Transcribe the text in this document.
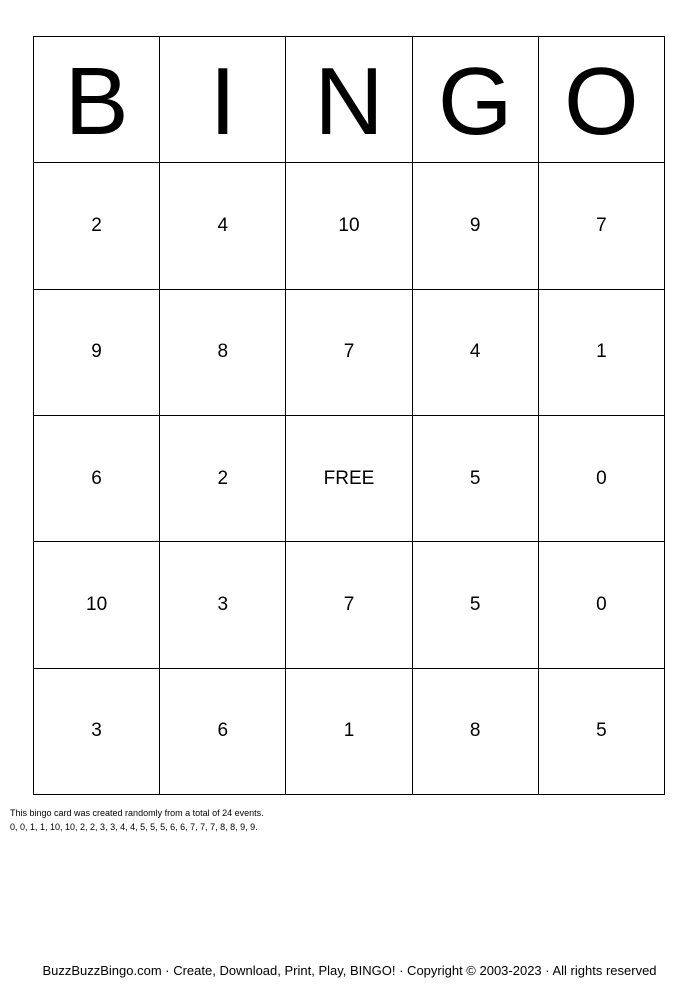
B I N G O
2	4	10	9	7
9	8	7	4	1
6	2	FREE	5	0
10	3	7	5	0
3	6	1	8	5
This bingo card was created randomly from a total of 24 events.
0, 0, 1, 1, 10, 10, 2, 2, 3, 3, 4, 4, 5, 5, 5, 6, 6, 7, 7, 7, 8, 8, 9, 9.
BuzzBuzzBingo.com · Create, Download, Print, Play, BINGO! · Copyright © 2003-2023 · All rights reserved
